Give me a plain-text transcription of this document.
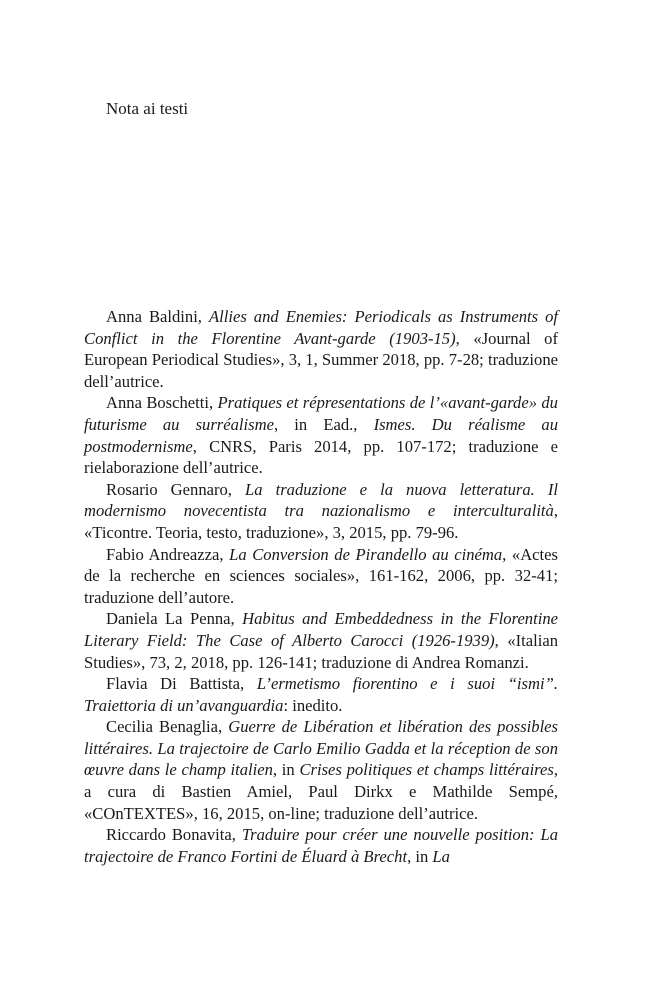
Nota ai testi

Anna Baldini, Allies and Enemies: Periodicals as Instruments of Conflict in the Florentine Avant-garde (1903-15), «Journal of European Periodical Studies», 3, 1, Summer 2018, pp. 7-28; traduzione dell’autrice.

Anna Boschetti, Pratiques et répresentations de l’«avant-garde» du futurisme au surréalisme, in Ead., Ismes. Du réalisme au postmodernisme, CNRS, Paris 2014, pp. 107-172; traduzione e rielaborazione dell’autrice.

Rosario Gennaro, La traduzione e la nuova letteratura. Il modernismo novecentista tra nazionalismo e interculturalità, «Ticontre. Teoria, testo, traduzione», 3, 2015, pp. 79-96.

Fabio Andreazza, La Conversion de Pirandello au cinéma, «Actes de la recherche en sciences sociales», 161-162, 2006, pp. 32-41; traduzione dell’autore.

Daniela La Penna, Habitus and Embeddedness in the Florentine Literary Field: The Case of Alberto Carocci (1926-1939), «Italian Studies», 73, 2, 2018, pp. 126-141; traduzione di Andrea Romanzi.

Flavia Di Battista, L’ermetismo fiorentino e i suoi “ismi”. Traiettoria di un’avanguardia: inedito.

Cecilia Benaglia, Guerre de Libération et libération des possibles littéraires. La trajectoire de Carlo Emilio Gadda et la réception de son œuvre dans le champ italien, in Crises politiques et champs littéraires, a cura di Bastien Amiel, Paul Dirkx e Mathilde Sempé, «COnTEXTES», 16, 2015, on-line; traduzione dell’autrice.

Riccardo Bonavita, Traduire pour créer une nouvelle position: La trajectoire de Franco Fortini de Éluard à Brecht, in La
